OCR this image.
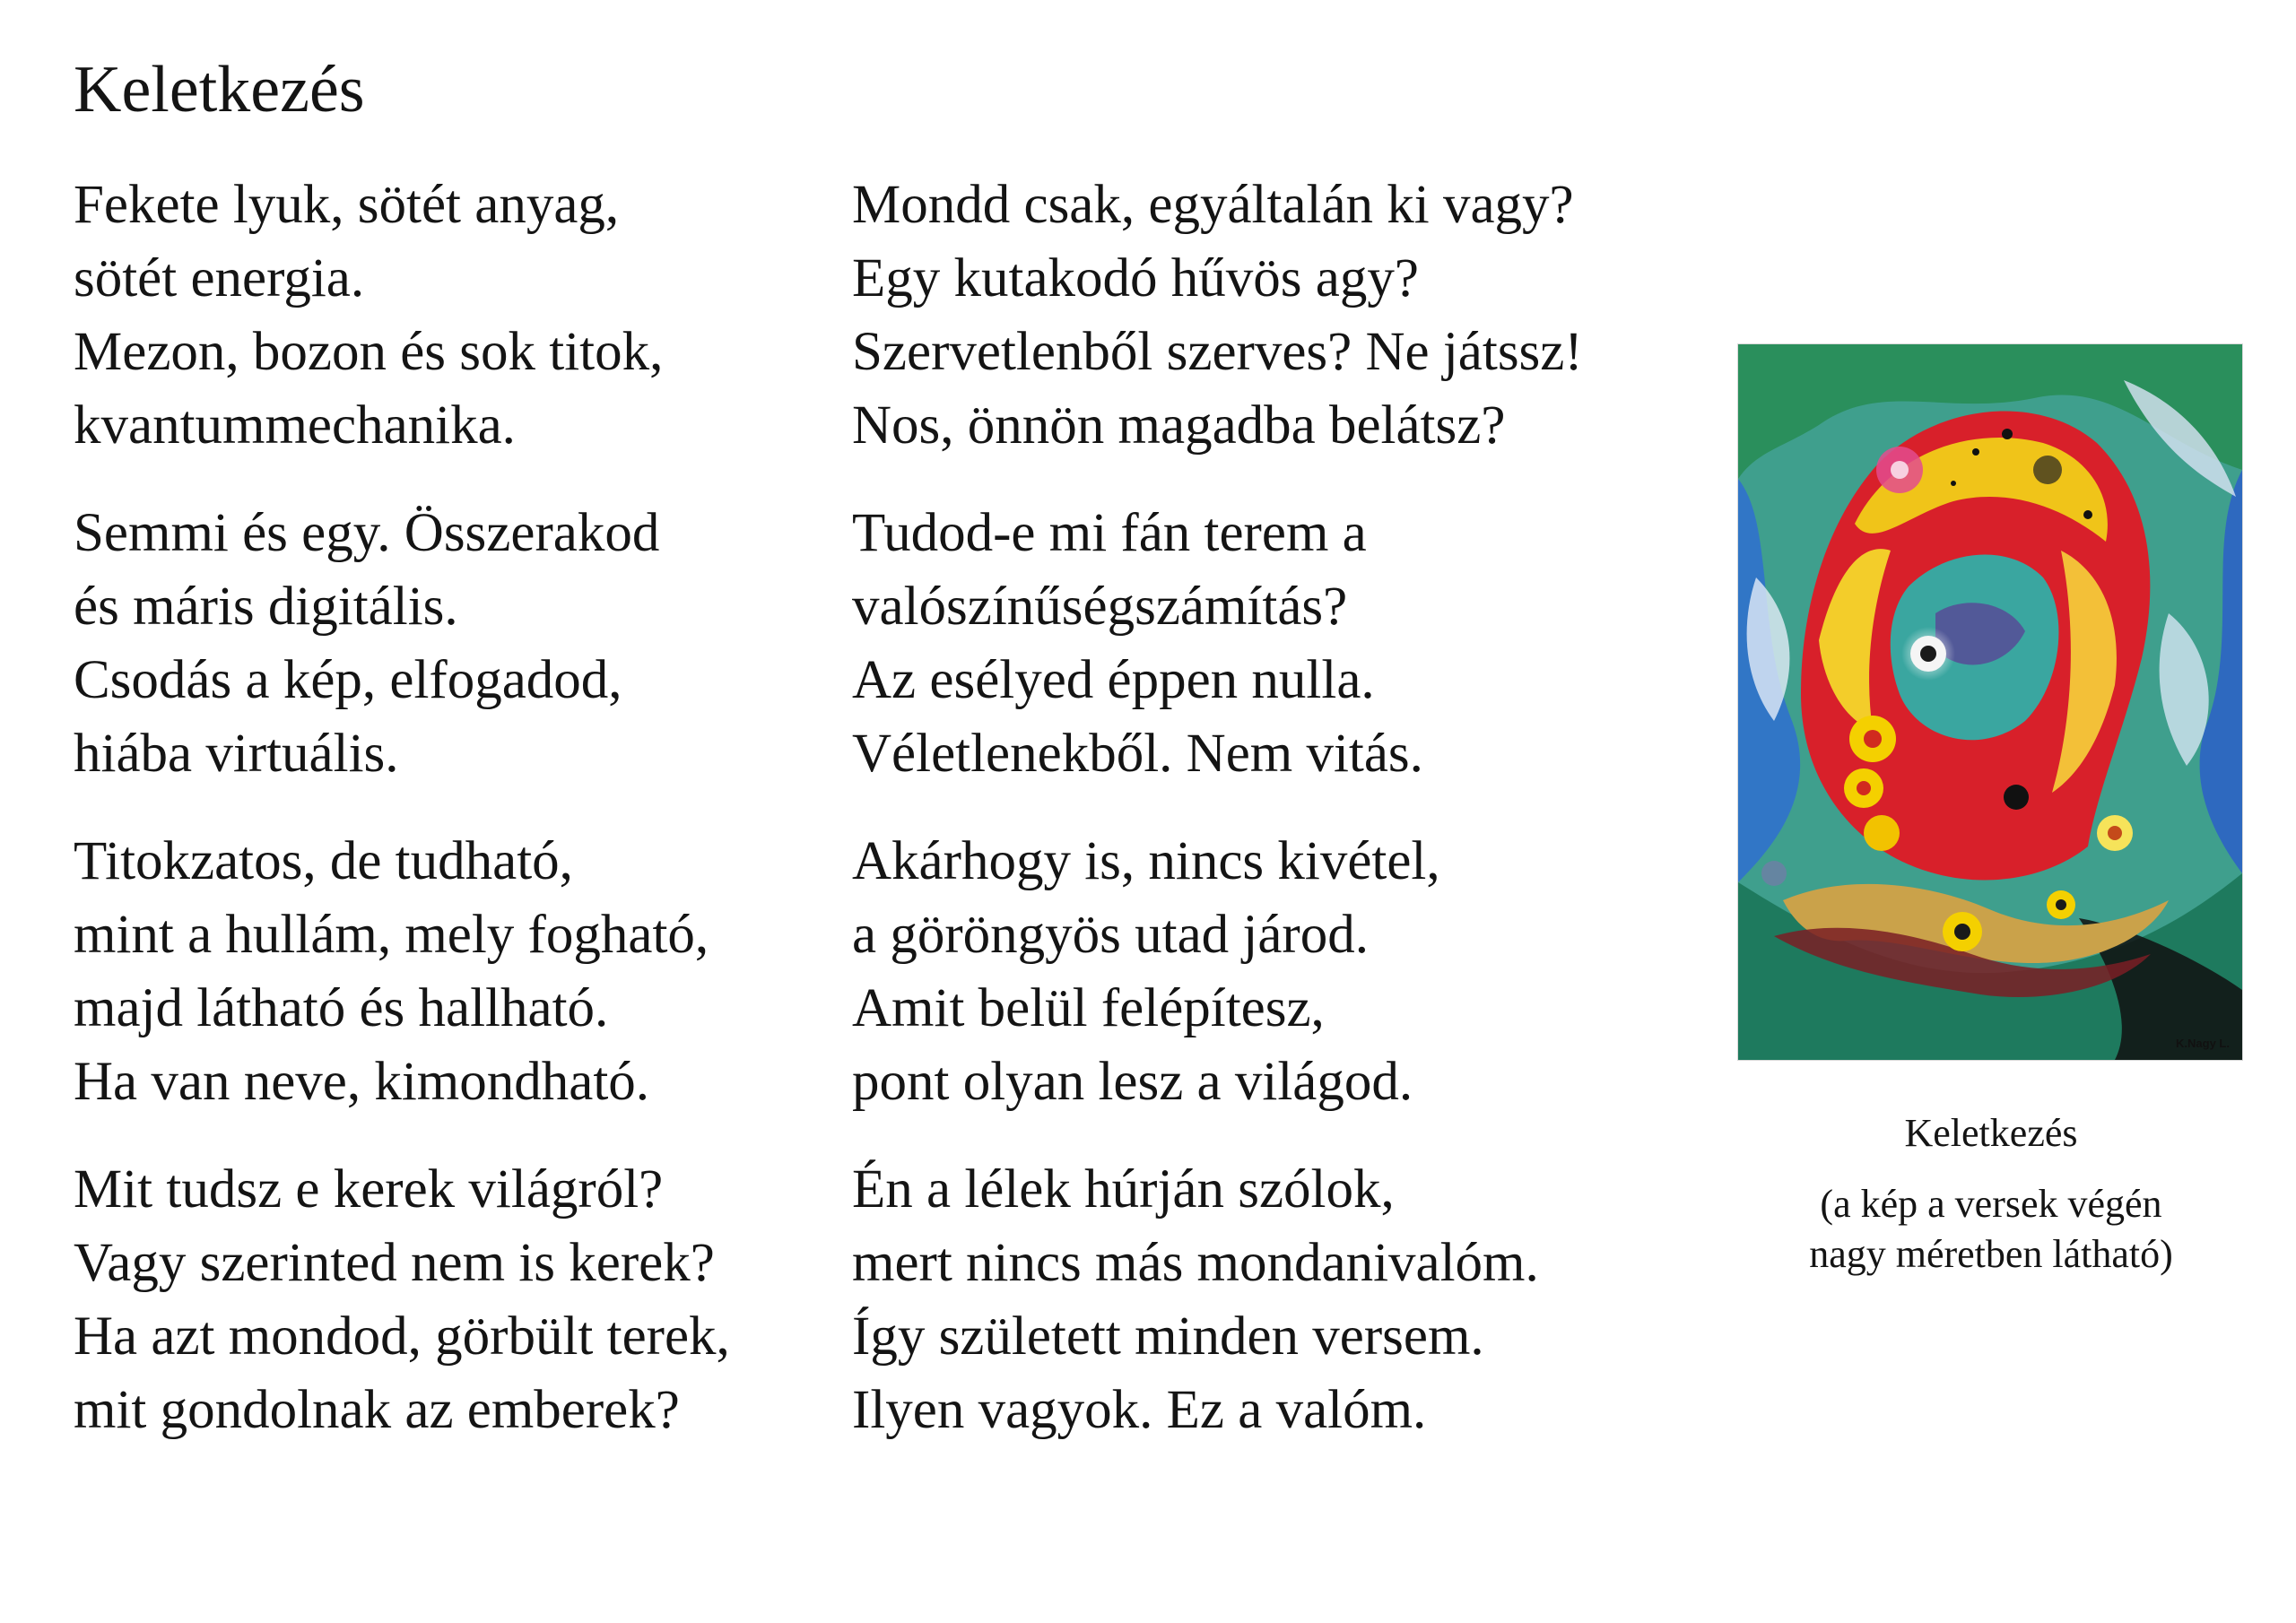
Keletkezés

Fekete lyuk, sötét anyag,
sötét energia.
Mezon, bozon és sok titok,
kvantummechanika.

Semmi és egy. Összerakod
és máris digitális.
Csodás a kép, elfogadod,
hiába virtuális.

Titokzatos, de tudható,
mint a hullám, mely fogható,
majd látható és hallható.
Ha van neve, kimondható.

Mit tudsz e kerek világról?
Vagy szerinted nem is kerek?
Ha azt mondod, görbült terek,
mit gondolnak az emberek?

Mondd csak, egyáltalán ki vagy?
Egy kutakodó hűvös agy?
Szervetlenből szerves? Ne játssz!
Nos, önnön magadba belátsz?

Tudod-e mi fán terem a
valószínűségszámítás?
Az esélyed éppen nulla.
Véletlenekből. Nem vitás.

Akárhogy is, nincs kivétel,
a göröngyös utad járod.
Amit belül felépítesz,
pont olyan lesz a világod.

Én a lélek húrján szólok,
mert nincs más mondanivalóm.
Így született minden versem.
Ilyen vagyok. Ez a valóm.

K.Nagy L.

Keletkezés

(a kép a versek végén
nagy méretben látható)
